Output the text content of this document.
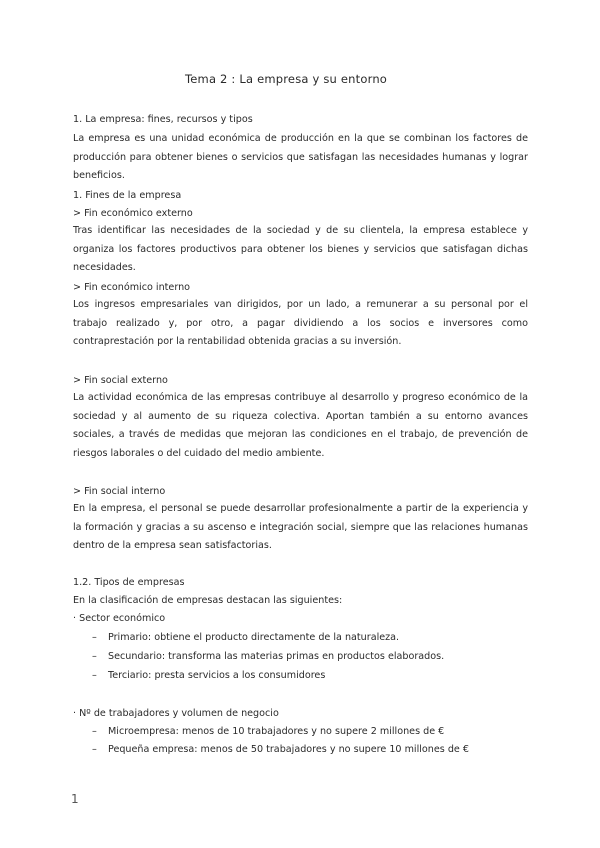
Tema 2 : La empresa y su entorno
1. La empresa: fines, recursos y tipos
La empresa es una unidad económica de producción en la que se combinan los factores de producción para obtener bienes o servicios que satisfagan las necesidades humanas y lograr beneficios.
1. Fines de la empresa
> Fin económico externo
Tras identificar las necesidades de la sociedad y de su clientela, la empresa establece y organiza los factores productivos para obtener los bienes y servicios que satisfagan dichas necesidades.
> Fin económico interno
Los ingresos empresariales van dirigidos, por un lado, a remunerar a su personal por el trabajo realizado y, por otro, a pagar dividiendo a los socios e inversores como contraprestación por la rentabilidad obtenida gracias a su inversión.
> Fin social externo
La actividad económica de las empresas contribuye al desarrollo y progreso económico de la sociedad y al aumento de su riqueza colectiva. Aportan también a su entorno avances sociales, a través de medidas que mejoran las condiciones en el trabajo, de prevención de riesgos laborales o del cuidado del medio ambiente.
> Fin social interno
En la empresa, el personal se puede desarrollar profesionalmente a partir de la experiencia y la formación y gracias a su ascenso e integración social, siempre que las relaciones humanas dentro de la empresa sean satisfactorias.
1.2. Tipos de empresas
En la clasificación de empresas destacan las siguientes:
· Sector económico
– Primario: obtiene el producto directamente de la naturaleza.
– Secundario: transforma las materias primas en productos elaborados.
– Terciario: presta servicios a los consumidores
· Nº de trabajadores y volumen de negocio
– Microempresa: menos de 10 trabajadores y no supere 2 millones de €
– Pequeña empresa: menos de 50 trabajadores y no supere 10 millones de €
1
